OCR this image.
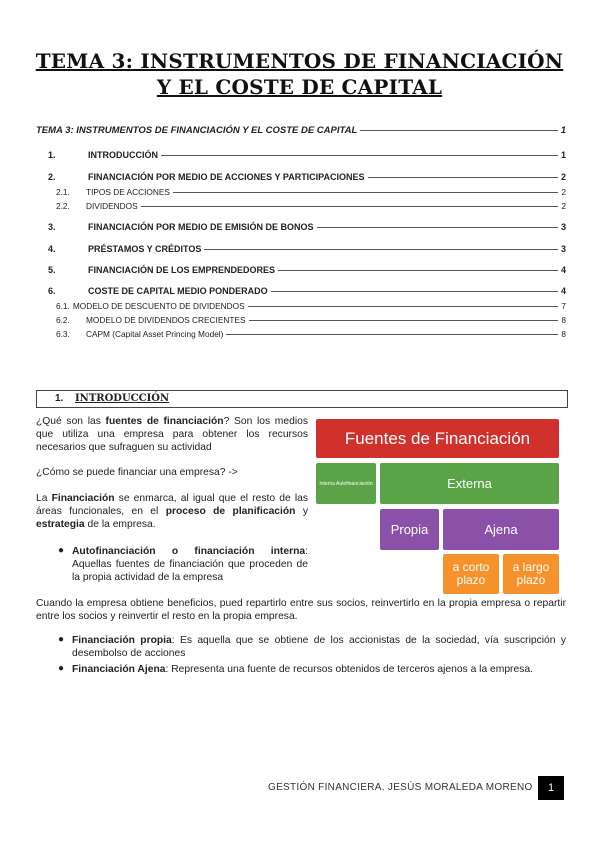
TEMA 3: INSTRUMENTOS DE FINANCIACIÓN
Y EL COSTE DE CAPITAL
TEMA 3: INSTRUMENTOS DE FINANCIACIÓN Y EL COSTE DE CAPITAL	1
1.	INTRODUCCIÓN	1
2.	FINANCIACIÓN POR MEDIO DE ACCIONES Y PARTICIPACIONES	2
2.1.	TIPOS DE ACCIONES	2
2.2.	DIVIDENDOS	2
3.	FINANCIACIÓN POR MEDIO DE EMISIÓN DE BONOS	3
4.	PRÉSTAMOS Y CRÉDITOS	3
5.	FINANCIACIÓN DE LOS EMPRENDEDORES	4
6.	COSTE DE CAPITAL MEDIO PONDERADO	4
6.1. MODELO DE DESCUENTO DE DIVIDENDOS	7
6.2.	MODELO DE DIVIDENDOS CRECIENTES	8
6.3.	CAPM (Capital Asset Princing Model)	8
1. INTRODUCCIÓN
¿Qué son las fuentes de financiación? Son los medios que utiliza una empresa para obtener los recursos necesarios que sufraguen su actividad
¿Cómo se puede financiar una empresa? ->
La Financiación se enmarca, al igual que el resto de las áreas funcionales, en el proceso de planificación y estrategia de la empresa.
● Autofinanciación o financiación interna: Aquellas fuentes de financiación que proceden de la propia actividad de la empresa
Cuando la empresa obtiene beneficios, pued repartirlo entre sus socios, reinvertirlo en la propia empresa o repartir entre los socios y reinvertir el resto en la propia empresa.
● Financiación propia: Es aquella que se obtiene de los accionistas de la sociedad, vía suscripción y desembolso de acciones
● Financiación Ajena: Representa una fuente de recursos obtenidos de terceros ajenos a la empresa.
Fuentes de Financiación
Interna Autofinanciación	Externa
Propia	Ajena
a corto plazo
a largo plazo
GESTIÓN FINANCIERA. JESÚS MORALEDA MORENO	1
